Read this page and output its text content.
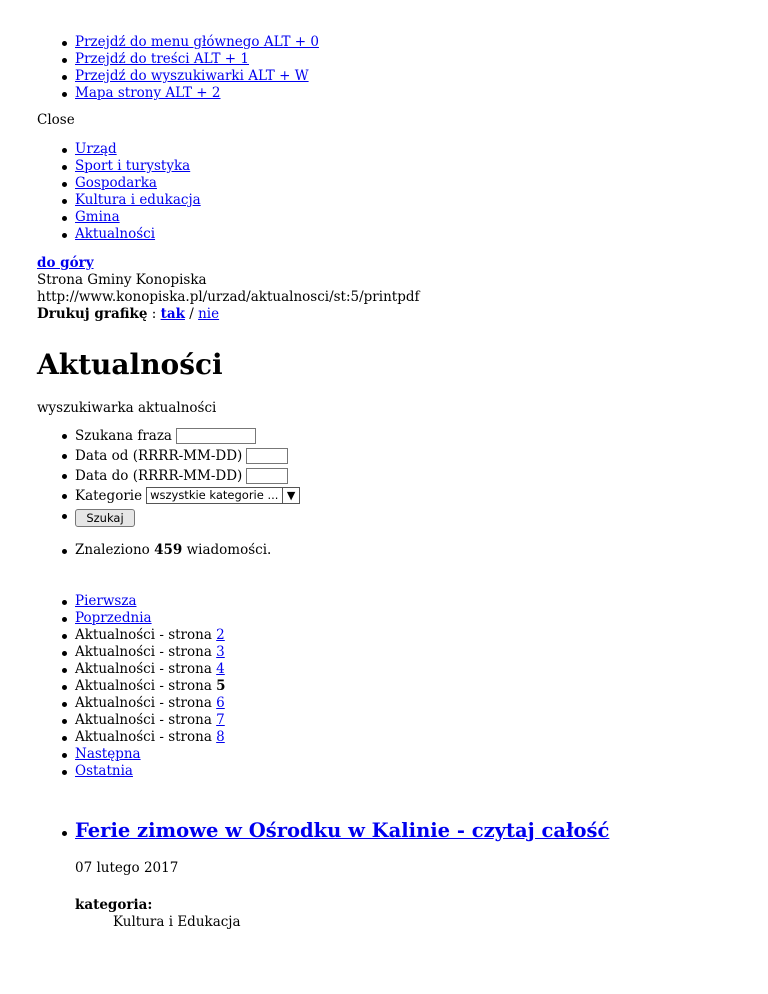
Przejdź do menu głównego ALT + 0
Przejdź do treści ALT + 1
Przejdź do wyszukiwarki ALT + W
Mapa strony ALT + 2
Close
Urząd
Sport i turystyka
Gospodarka
Kultura i edukacja
Gmina
Aktualności
do góry
Strona Gminy Konopiska
http://www.konopiska.pl/urzad/aktualnosci/st:5/printpdf
Drukuj grafikę : tak / nie
Aktualności
wyszukiwarka aktualności
Szukana fraza
Data od (RRRR-MM-DD)
Data do (RRRR-MM-DD)
Kategorie wszystkie kategorie ... ▼
Szukaj
Znaleziono 459 wiadomości.
Pierwsza
Poprzednia
Aktualności - strona 2
Aktualności - strona 3
Aktualności - strona 4
Aktualności - strona 5
Aktualności - strona 6
Aktualności - strona 7
Aktualności - strona 8
Następna
Ostatnia
Ferie zimowe w Ośrodku w Kalinie - czytaj całość
07 lutego 2017
kategoria:
Kultura i Edukacja
